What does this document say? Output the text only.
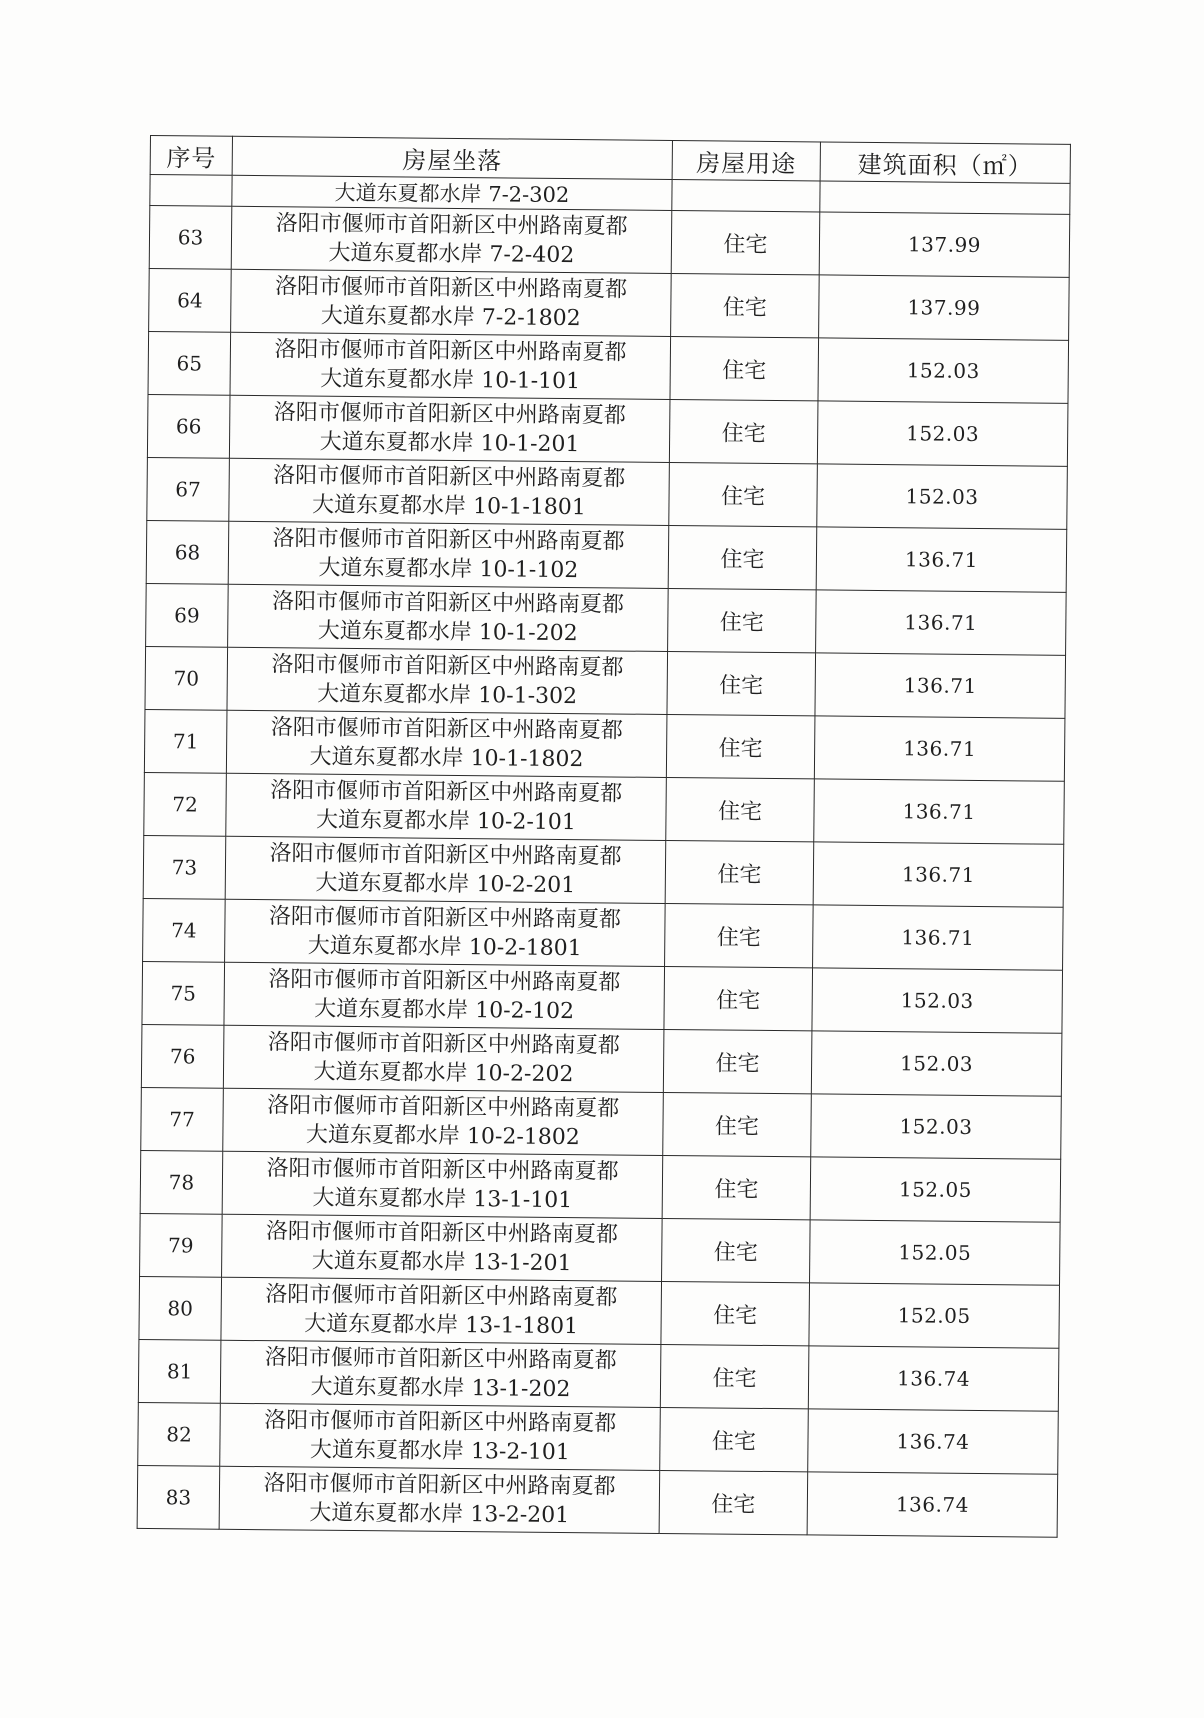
序号	房屋坐落	房屋用途	建筑面积（㎡）
	大道东夏都水岸 7-2-302		
63	洛阳市偃师市首阳新区中州路南夏都
大道东夏都水岸 7-2-402	住宅	137.99
64	洛阳市偃师市首阳新区中州路南夏都
大道东夏都水岸 7-2-1802	住宅	137.99
65	洛阳市偃师市首阳新区中州路南夏都
大道东夏都水岸 10-1-101	住宅	152.03
66	洛阳市偃师市首阳新区中州路南夏都
大道东夏都水岸 10-1-201	住宅	152.03
67	洛阳市偃师市首阳新区中州路南夏都
大道东夏都水岸 10-1-1801	住宅	152.03
68	洛阳市偃师市首阳新区中州路南夏都
大道东夏都水岸 10-1-102	住宅	136.71
69	洛阳市偃师市首阳新区中州路南夏都
大道东夏都水岸 10-1-202	住宅	136.71
70	洛阳市偃师市首阳新区中州路南夏都
大道东夏都水岸 10-1-302	住宅	136.71
71	洛阳市偃师市首阳新区中州路南夏都
大道东夏都水岸 10-1-1802	住宅	136.71
72	洛阳市偃师市首阳新区中州路南夏都
大道东夏都水岸 10-2-101	住宅	136.71
73	洛阳市偃师市首阳新区中州路南夏都
大道东夏都水岸 10-2-201	住宅	136.71
74	洛阳市偃师市首阳新区中州路南夏都
大道东夏都水岸 10-2-1801	住宅	136.71
75	洛阳市偃师市首阳新区中州路南夏都
大道东夏都水岸 10-2-102	住宅	152.03
76	洛阳市偃师市首阳新区中州路南夏都
大道东夏都水岸 10-2-202	住宅	152.03
77	洛阳市偃师市首阳新区中州路南夏都
大道东夏都水岸 10-2-1802	住宅	152.03
78	洛阳市偃师市首阳新区中州路南夏都
大道东夏都水岸 13-1-101	住宅	152.05
79	洛阳市偃师市首阳新区中州路南夏都
大道东夏都水岸 13-1-201	住宅	152.05
80	洛阳市偃师市首阳新区中州路南夏都
大道东夏都水岸 13-1-1801	住宅	152.05
81	洛阳市偃师市首阳新区中州路南夏都
大道东夏都水岸 13-1-202	住宅	136.74
82	洛阳市偃师市首阳新区中州路南夏都
大道东夏都水岸 13-2-101	住宅	136.74
83	洛阳市偃师市首阳新区中州路南夏都
大道东夏都水岸 13-2-201	住宅	136.74
